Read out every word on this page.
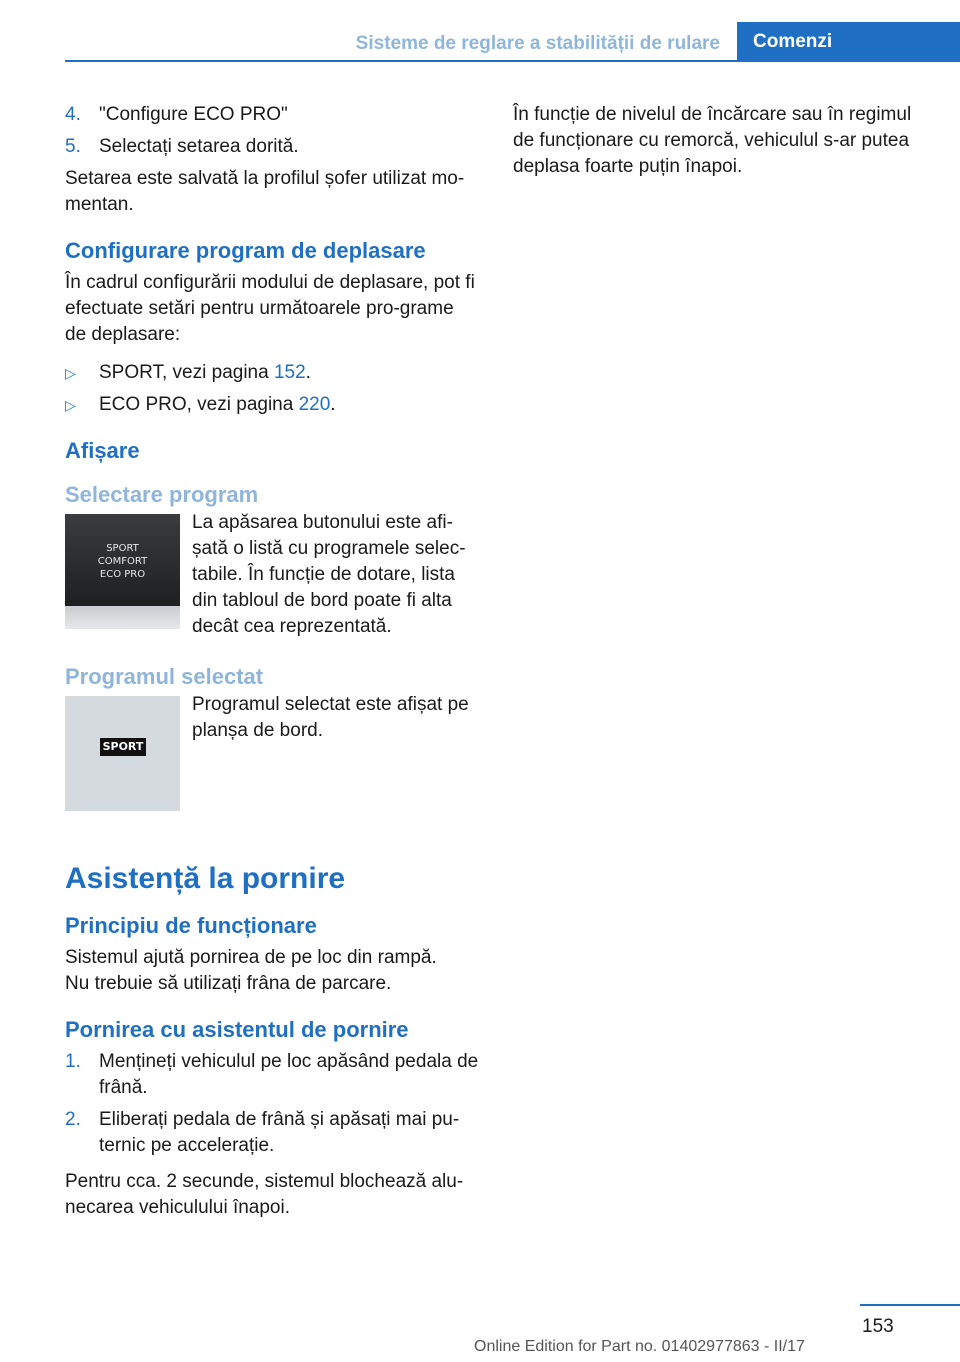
Sisteme de reglare a stabilității de rulare	Comenzi
4. "Configure ECO PRO"
5. Selectați setarea dorită.

Setarea este salvată la profilul șofer utilizat mo‐mentan.

Configurare program de deplasare

În cadrul configurării modului de deplasare, pot fi efectuate setări pentru următoarele pro‐grame de deplasare:

▷ SPORT, vezi pagina 152.
▷ ECO PRO, vezi pagina 220.
Afișare
Selectare program
SPORT
COMFORT
ECO PRO

La apăsarea butonului este afi‐șată o listă cu programele selec‐tabile. În funcție de dotare, lista din tabloul de bord poate fi alta decât cea reprezentată.

Programul selectat
SPORT

Programul selectat este afișat pe planșa de bord.

Asistență la pornire
Principiu de funcționare

Sistemul ajută pornirea de pe loc din rampă.

Nu trebuie să utilizați frâna de parcare.

Pornirea cu asistentul de pornire
1. Mențineți vehiculul pe loc apăsând pedala de frână.
2. Eliberați pedala de frână și apăsați mai pu‐ternic pe accelerație.

Pentru cca. 2 secunde, sistemul blochează alu‐necarea vehiculului înapoi.

În funcție de nivelul de încărcare sau în regimul de funcționare cu remorcă, vehiculul s-ar putea deplasa foarte puțin înapoi.

153
Online Edition for Part no. 01402977863 - II/17
